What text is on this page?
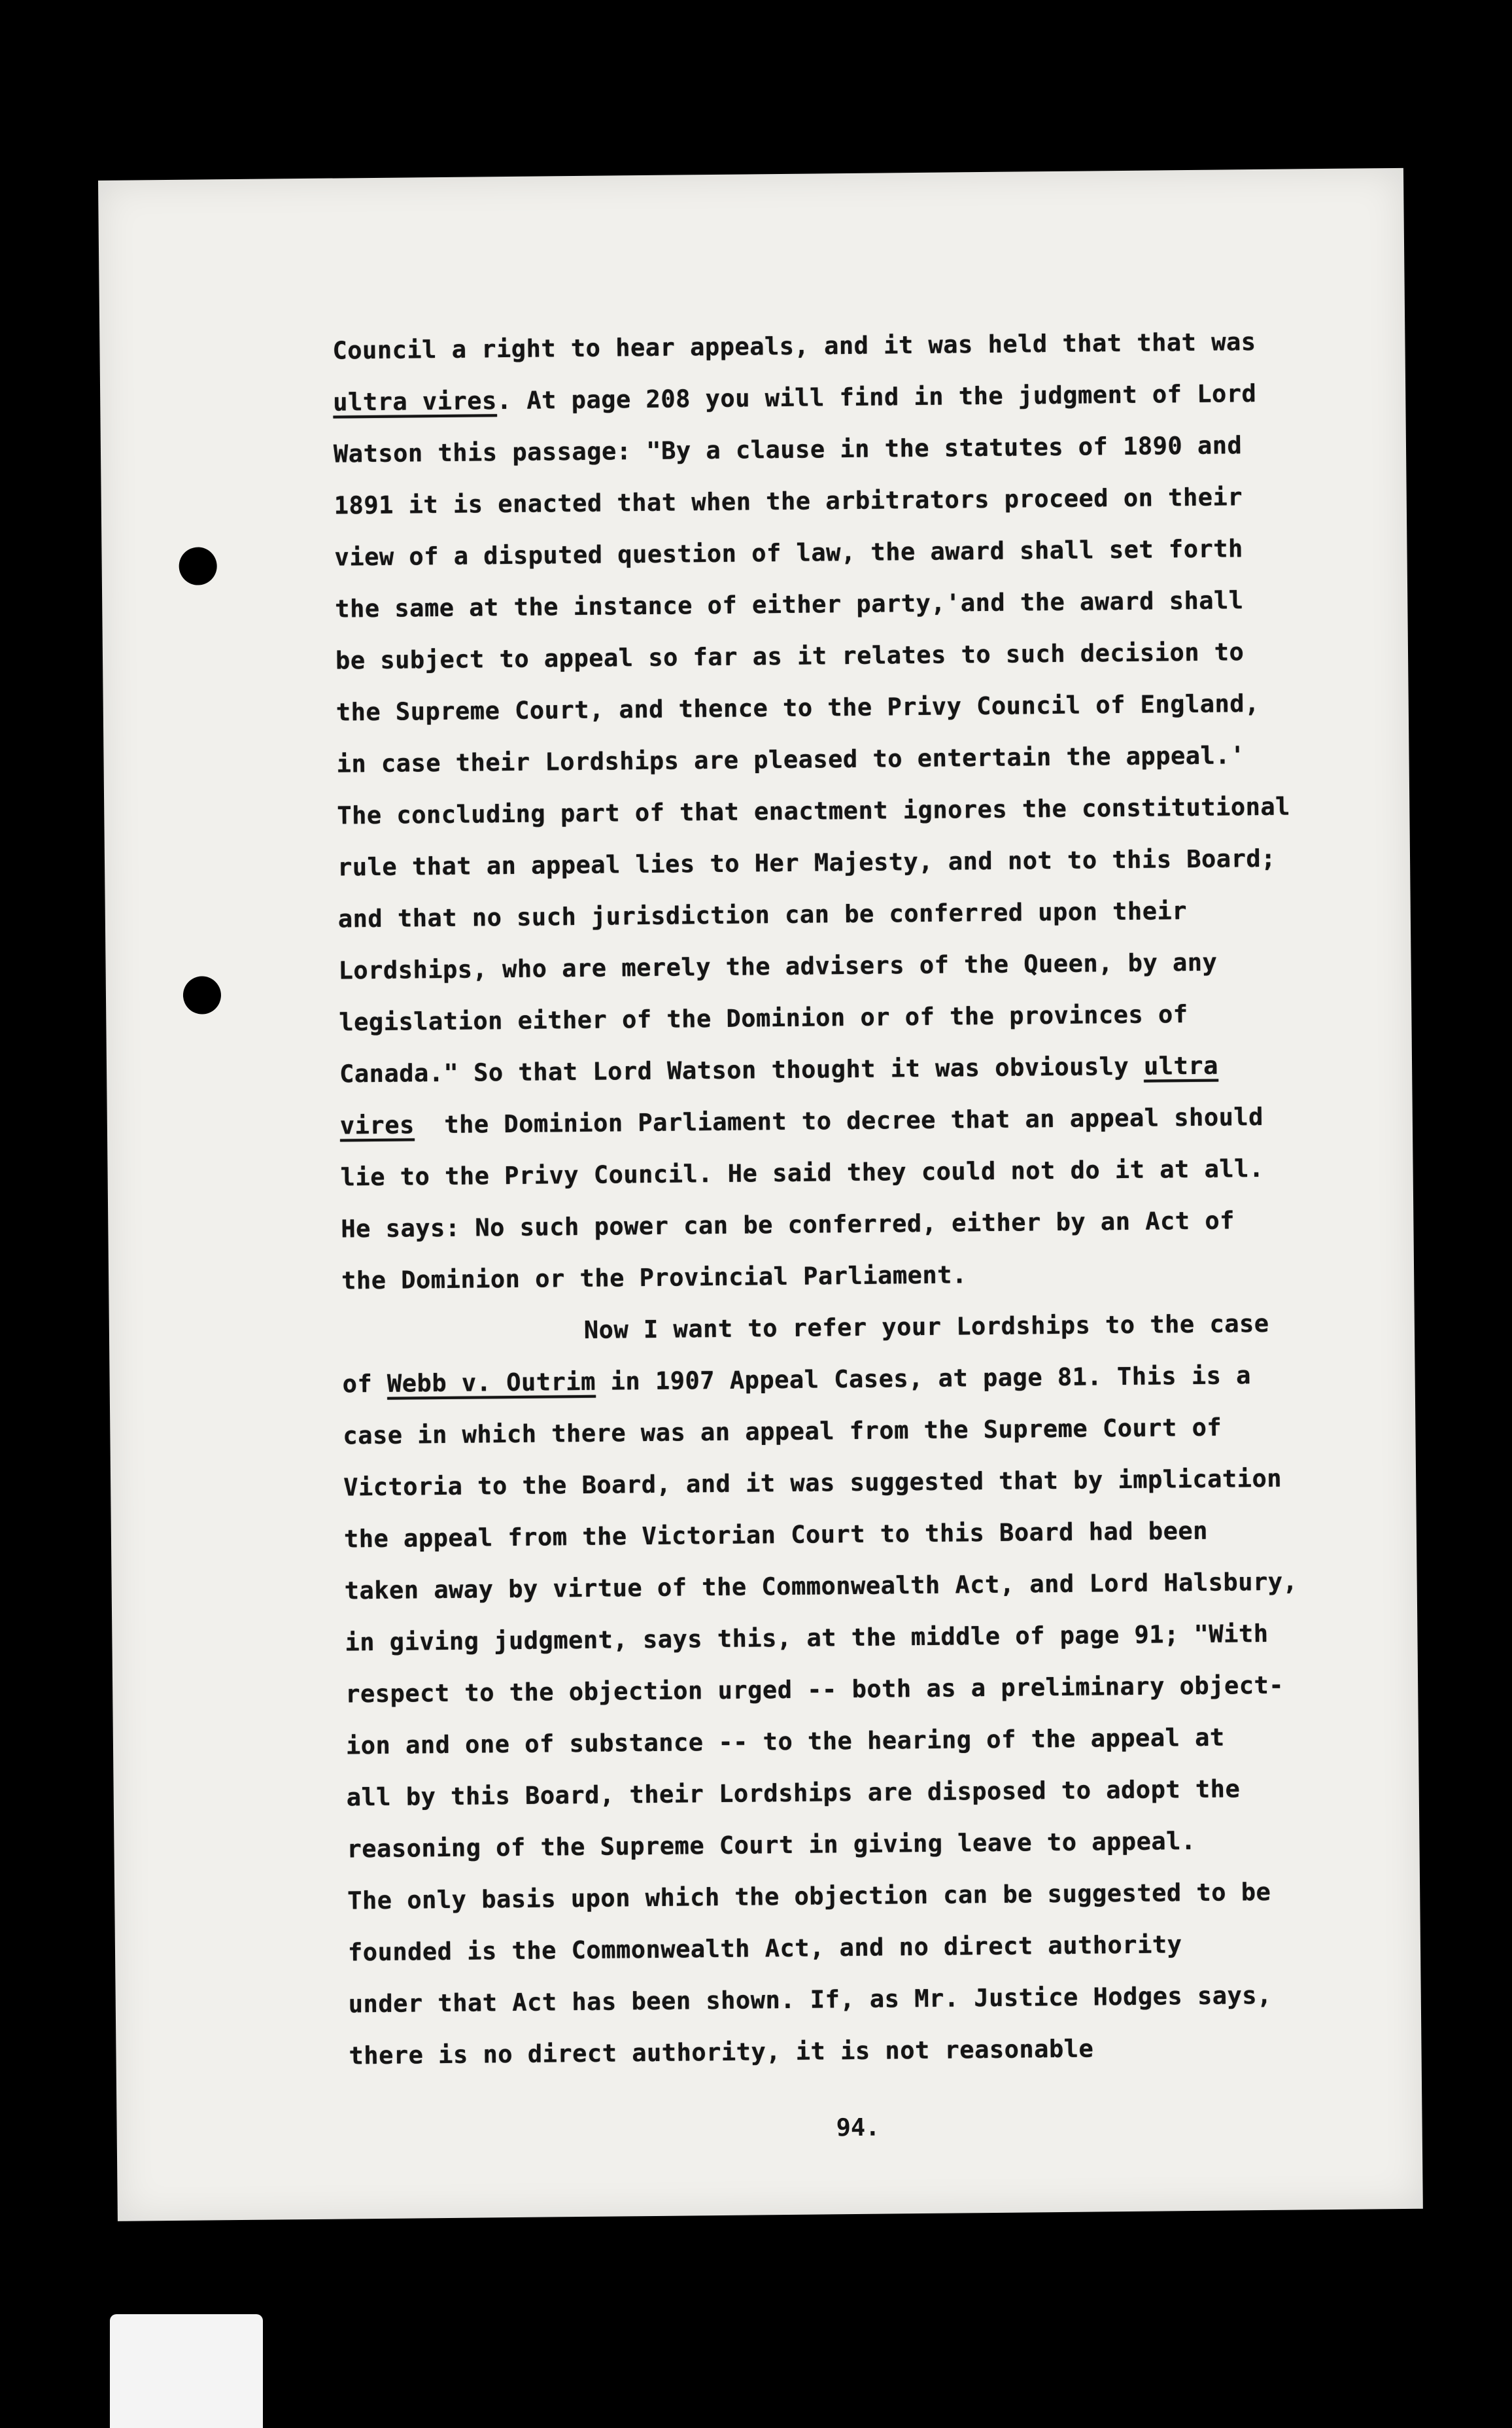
Council a right to hear appeals, and it was held that that was
ultra vires. At page 208 you will find in the judgment of Lord
Watson this passage: "By a clause in the statutes of 1890 and
1891 it is enacted that when the arbitrators proceed on their
view of a disputed question of law, the award shall set forth
the same at the instance of either party,'and the award shall
be subject to appeal so far as it relates to such decision to
the Supreme Court, and thence to the Privy Council of England,
in case their Lordships are pleased to entertain the appeal.'
The concluding part of that enactment ignores the constitutional
rule that an appeal lies to Her Majesty, and not to this Board;
and that no such jurisdiction can be conferred upon their
Lordships, who are merely the advisers of the Queen, by any
legislation either of the Dominion or of the provinces of
Canada." So that Lord Watson thought it was obviously ultra
vires  the Dominion Parliament to decree that an appeal should
lie to the Privy Council. He said they could not do it at all.
He says: No such power can be conferred, either by an Act of
the Dominion or the Provincial Parliament.
Now I want to refer your Lordships to the case
of Webb v. Outrim in 1907 Appeal Cases, at page 81. This is a
case in which there was an appeal from the Supreme Court of
Victoria to the Board, and it was suggested that by implication
the appeal from the Victorian Court to this Board had been
taken away by virtue of the Commonwealth Act, and Lord Halsbury,
in giving judgment, says this, at the middle of page 91; "With
respect to the objection urged -- both as a preliminary object-
ion and one of substance -- to the hearing of the appeal at
all by this Board, their Lordships are disposed to adopt the
reasoning of the Supreme Court in giving leave to appeal.
The only basis upon which the objection can be suggested to be
founded is the Commonwealth Act, and no direct authority
under that Act has been shown. If, as Mr. Justice Hodges says,
there is no direct authority, it is not reasonable
94.
